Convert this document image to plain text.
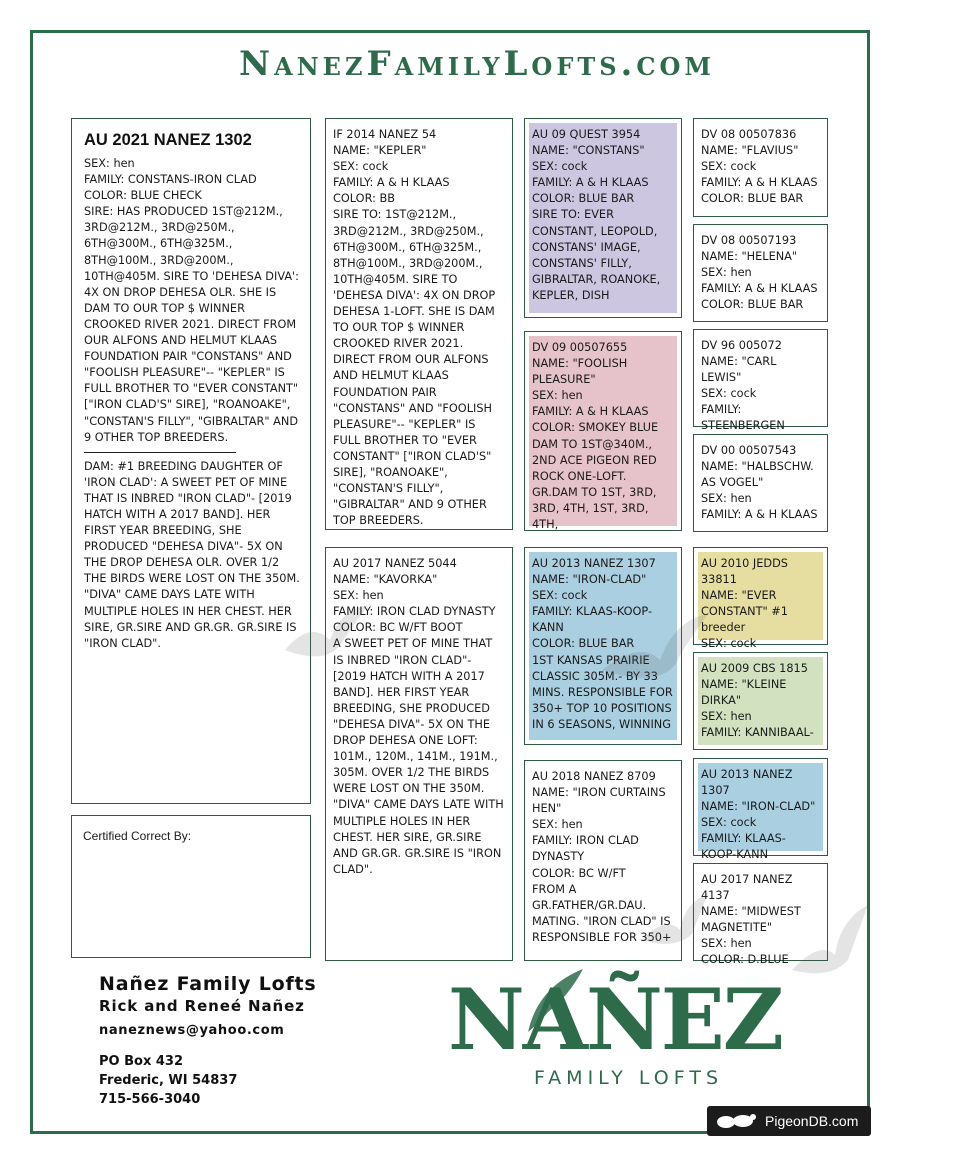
NanezFamilyLofts.com
AU 2021 NANEZ 1302
SEX: hen
FAMILY: CONSTANS-IRON CLAD
COLOR: BLUE CHECK
SIRE: HAS PRODUCED 1ST@212M., 3RD@212M., 3RD@250M., 6TH@300M., 6TH@325M., 8TH@100M., 3RD@200M., 10TH@405M. SIRE TO 'DEHESA DIVA': 4X ON DROP DEHESA OLR. SHE IS DAM TO OUR TOP $ WINNER CROOKED RIVER 2021. DIRECT FROM OUR ALFONS AND HELMUT KLAAS FOUNDATION PAIR "CONSTANS" AND "FOOLISH PLEASURE"-- "KEPLER" IS FULL BROTHER TO "EVER CONSTANT" ["IRON CLAD'S" SIRE], "ROANOAKE", "CONSTAN'S FILLY", "GIBRALTAR" AND 9 OTHER TOP BREEDERS.
DAM: #1 BREEDING DAUGHTER OF 'IRON CLAD': A SWEET PET OF MINE THAT IS INBRED "IRON CLAD"- [2019 HATCH WITH A 2017 BAND]. HER FIRST YEAR BREEDING, SHE PRODUCED "DEHESA DIVA"- 5X ON THE DROP DEHESA OLR. OVER 1/2 THE BIRDS WERE LOST ON THE 350M. "DIVA" CAME DAYS LATE WITH MULTIPLE HOLES IN HER CHEST. HER SIRE, GR.SIRE AND GR.GR. GR.SIRE IS "IRON CLAD".
Certified Correct By:
IF 2014 NANEZ 54
NAME: "KEPLER"
SEX: cock
FAMILY: A & H KLAAS
COLOR: BB
SIRE TO: 1ST@212M., 3RD@212M., 3RD@250M., 6TH@300M., 6TH@325M., 8TH@100M., 3RD@200M., 10TH@405M. SIRE TO 'DEHESA DIVA': 4X ON DROP DEHESA 1-LOFT. SHE IS DAM TO OUR TOP $ WINNER CROOKED RIVER 2021. DIRECT FROM OUR ALFONS AND HELMUT KLAAS FOUNDATION PAIR "CONSTANS" AND "FOOLISH PLEASURE"-- "KEPLER" IS FULL BROTHER TO "EVER CONSTANT" ["IRON CLAD'S" SIRE], "ROANOAKE", "CONSTAN'S FILLY", "GIBRALTAR" AND 9 OTHER TOP BREEDERS.
AU 2017 NANEZ 5044
NAME: "KAVORKA"
SEX: hen
FAMILY: IRON CLAD DYNASTY
COLOR: BC W/FT BOOT
A SWEET PET OF MINE THAT IS INBRED "IRON CLAD"- [2019 HATCH WITH A 2017 BAND]. HER FIRST YEAR BREEDING, SHE PRODUCED "DEHESA DIVA"- 5X ON THE DROP DEHESA ONE LOFT: 101M., 120M., 141M., 191M., 305M. OVER 1/2 THE BIRDS WERE LOST ON THE 350M. "DIVA" CAME DAYS LATE WITH MULTIPLE HOLES IN HER CHEST. HER SIRE, GR.SIRE AND GR.GR. GR.SIRE IS "IRON CLAD".
AU 09 QUEST 3954
NAME: "CONSTANS"
SEX: cock
FAMILY: A & H KLAAS
COLOR: BLUE BAR
SIRE TO: EVER CONSTANT, LEOPOLD, CONSTANS' IMAGE, CONSTANS' FILLY, GIBRALTAR, ROANOKE, KEPLER, DISH
DV 09 00507655
NAME: "FOOLISH PLEASURE"
SEX: hen
FAMILY: A & H KLAAS
COLOR: SMOKEY BLUE
DAM TO 1ST@340M., 2ND ACE PIGEON RED ROCK ONE-LOFT. GR.DAM TO 1ST, 3RD, 3RD, 4TH, 1ST, 3RD, 4TH,
AU 2013 NANEZ 1307
NAME: "IRON-CLAD"
SEX: cock
FAMILY: KLAAS-KOOP-KANN
COLOR: BLUE BAR
1ST KANSAS PRAIRIE CLASSIC 305M.- BY 33 MINS. RESPONSIBLE FOR 350+ TOP 10 POSITIONS IN 6 SEASONS, WINNING
AU 2018 NANEZ 8709
NAME: "IRON CURTAINS HEN"
SEX: hen
FAMILY: IRON CLAD DYNASTY
COLOR: BC W/FT
FROM A GR.FATHER/GR.DAU. MATING. "IRON CLAD" IS RESPONSIBLE FOR 350+
DV 08 00507836
NAME: "FLAVIUS"
SEX: cock
FAMILY: A & H KLAAS
COLOR: BLUE BAR
DV 08 00507193
NAME: "HELENA"
SEX: hen
FAMILY: A & H KLAAS
COLOR: BLUE BAR
DV 96 005072
NAME: "CARL LEWIS"
SEX: cock
FAMILY:
STEENBERGEN
DV 00 00507543
NAME: "HALBSCHW. AS VOGEL"
SEX: hen
FAMILY: A & H KLAAS
AU 2010 JEDDS 33811
NAME: "EVER CONSTANT" #1 breeder
SEX: cock
AU 2009 CBS 1815
NAME: "KLEINE DIRKA"
SEX: hen
FAMILY: KANNIBAAL-
AU 2013 NANEZ 1307
NAME: "IRON-CLAD"
SEX: cock
FAMILY: KLAAS-KOOP-KANN
AU 2017 NANEZ 4137
NAME: "MIDWEST MAGNETITE"
SEX: hen
COLOR: D.BLUE
Nañez Family Lofts
Rick and Reneé Nañez
naneznews@yahoo.com
PO Box 432
Frederic, WI 54837
715-566-3040
NAÑEZ
FAMILY LOFTS
PigeonDB.com
